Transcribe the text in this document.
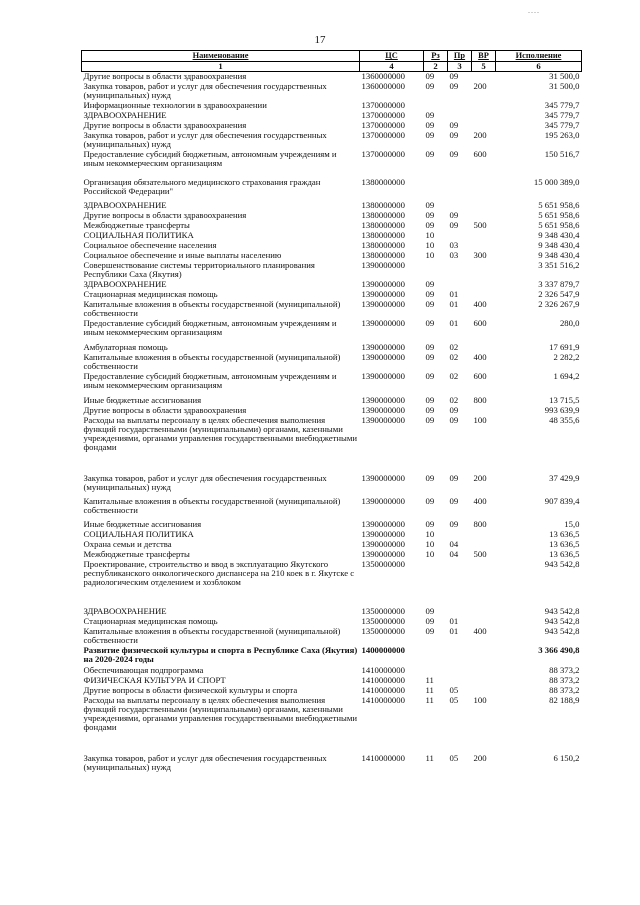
....
17
Наименование	ЦС	Рз	Пр	ВР	Исполнение
1	4	2	3	5	6
Другие вопросы в области здравоохранения	1360000000	09	09		31 500,0
Закупка товаров, работ и услуг для обеспечения государственных (муниципальных) нужд	1360000000	09	09	200	31 500,0
Информационные технологии в здравоохранении	1370000000				345 779,7
ЗДРАВООХРАНЕНИЕ	1370000000	09			345 779,7
Другие вопросы в области здравоохранения	1370000000	09	09		345 779,7
Закупка товаров, работ и услуг для обеспечения государственных (муниципальных) нужд	1370000000	09	09	200	195 263,0
Предоставление субсидий бюджетным, автономным учреждениям и иным некоммерческим организациям	1370000000	09	09	600	150 516,7
Организация обязательного медицинского страхования граждан Российской Федерации"	1380000000				15 000 389,0
ЗДРАВООХРАНЕНИЕ	1380000000	09			5 651 958,6
Другие вопросы в области здравоохранения	1380000000	09	09		5 651 958,6
Межбюджетные трансферты	1380000000	09	09	500	5 651 958,6
СОЦИАЛЬНАЯ ПОЛИТИКА	1380000000	10			9 348 430,4
Социальное обеспечение населения	1380000000	10	03		9 348 430,4
Социальное обеспечение и иные выплаты населению	1380000000	10	03	300	9 348 430,4
Совершенствование системы территориального планирования Республики Саха (Якутия)	1390000000				3 351 516,2
ЗДРАВООХРАНЕНИЕ	1390000000	09			3 337 879,7
Стационарная медицинская помощь	1390000000	09	01		2 326 547,9
Капитальные вложения в объекты государственной (муниципальной) собственности	1390000000	09	01	400	2 326 267,9
Предоставление субсидий бюджетным, автономным учреждениям и иным некоммерческим организациям	1390000000	09	01	600	280,0
Амбулаторная помощь	1390000000	09	02		17 691,9
Капитальные вложения в объекты государственной (муниципальной) собственности	1390000000	09	02	400	2 282,2
Предоставление субсидий бюджетным, автономным учреждениям и иным некоммерческим организациям	1390000000	09	02	600	1 694,2
Иные бюджетные ассигнования	1390000000	09	02	800	13 715,5
Другие вопросы в области здравоохранения	1390000000	09	09		993 639,9
Расходы на выплаты персоналу в целях обеспечения выполнения функций государственными (муниципальными) органами, казенными учреждениями, органами управления государственными внебюджетными фондами	1390000000	09	09	100	48 355,6
Закупка товаров, работ и услуг для обеспечения государственных (муниципальных) нужд	1390000000	09	09	200	37 429,9
Капитальные вложения в объекты государственной (муниципальной) собственности	1390000000	09	09	400	907 839,4
Иные бюджетные ассигнования	1390000000	09	09	800	15,0
СОЦИАЛЬНАЯ ПОЛИТИКА	1390000000	10			13 636,5
Охрана семьи и детства	1390000000	10	04		13 636,5
Межбюджетные трансферты	1390000000	10	04	500	13 636,5
Проектирование, строительство и ввод в эксплуатацию Якутского республиканского онкологического диспансера на 210 коек в г. Якутске с радиологическим отделением и хозблоком	1350000000				943 542,8
ЗДРАВООХРАНЕНИЕ	1350000000	09			943 542,8
Стационарная медицинская помощь	1350000000	09	01		943 542,8
Капитальные вложения в объекты государственной (муниципальной) собственности	1350000000	09	01	400	943 542,8
Развитие физической культуры и спорта в Республике Саха (Якутия) на 2020-2024 годы	1400000000				3 366 490,8
Обеспечивающая подпрограмма	1410000000				88 373,2
ФИЗИЧЕСКАЯ КУЛЬТУРА И СПОРТ	1410000000	11			88 373,2
Другие вопросы в области физической культуры и спорта	1410000000	11	05		88 373,2
Расходы на выплаты персоналу в целях обеспечения выполнения функций государственными (муниципальными) органами, казенными учреждениями, органами управления государственными внебюджетными фондами	1410000000	11	05	100	82 188,9
Закупка товаров, работ и услуг для обеспечения государственных (муниципальных) нужд	1410000000	11	05	200	6 150,2
